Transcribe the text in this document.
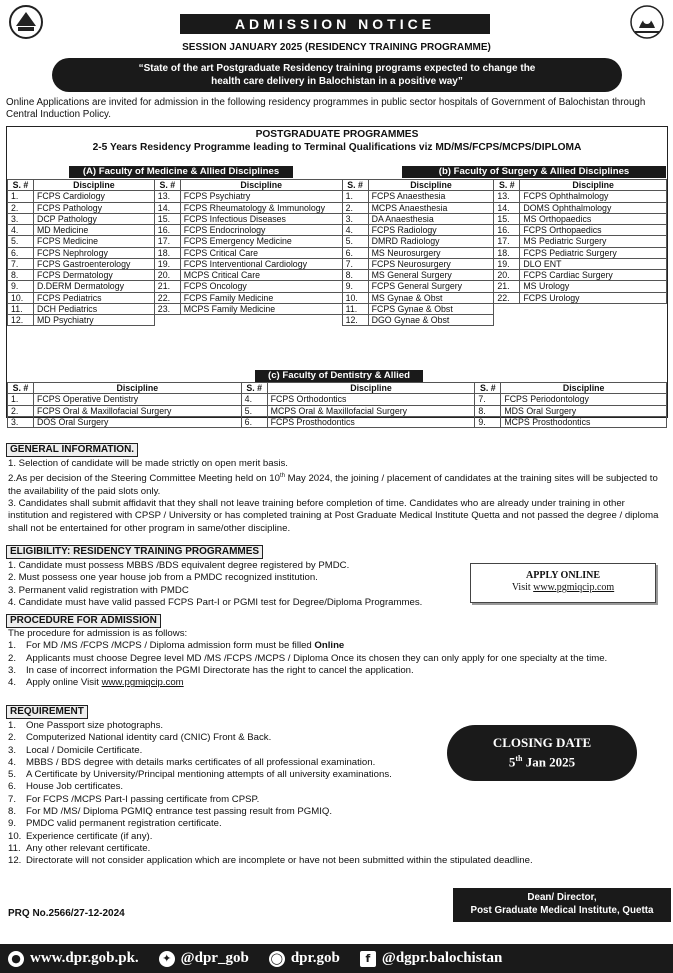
ADMISSION NOTICE
SESSION JANUARY 2025 (RESIDENCY TRAINING PROGRAMME)
“State of the art Postgraduate Residency training programs expected to change the
health care delivery in Balochistan in a positive way”
Online Applications are invited for admission in the following residency programmes in public sector hospitals of Government of Balochistan through Central Induction Policy.
POSTGRADUATE PROGRAMMES
2-5 Years Residency Programme leading to Terminal Qualifications viz MD/MS/FCPS/MCPS/DIPLOMA
(A) Faculty of Medicine & Allied Disciplines	(b) Faculty of Surgery & Allied Disciplines
S. #	Discipline	S. #	Discipline	S. #	Discipline	S. #	Discipline
1.	FCPS Cardiology	13.	FCPS Psychiatry	1.	FCPS Anaesthesia	13.	FCPS Ophthalmology
2.	FCPS Pathology	14.	FCPS Rheumatology & Immunology	2.	MCPS Anaesthesia	14.	DOMS Ophthalmology
3.	DCP Pathology	15.	FCPS Infectious Diseases	3.	DA Anaesthesia	15.	MS Orthopaedics
4.	MD Medicine	16.	FCPS Endocrinology	4.	FCPS Radiology	16.	FCPS Orthopaedics
5.	FCPS Medicine	17.	FCPS Emergency Medicine	5.	DMRD Radiology	17.	MS Pediatric Surgery
6.	FCPS Nephrology	18.	FCPS Critical Care	6.	MS Neurosurgery	18.	FCPS Pediatric Surgery
7.	FCPS Gastroenterology	19.	FCPS Interventional Cardiology	7.	FCPS Neurosurgery	19.	DLO ENT
8.	FCPS Dermatology	20.	MCPS Critical Care	8.	MS General Surgery	20.	FCPS Cardiac Surgery
9.	D.DERM Dermatology	21.	FCPS Oncology	9.	FCPS General Surgery	21.	MS Urology
10.	FCPS Pediatrics	22.	FCPS Family Medicine	10.	MS Gynae & Obst	22.	FCPS Urology
11.	DCH Pediatrics	23.	MCPS Family Medicine	11.	FCPS Gynae & Obst		
12.	MD Psychiatry			12.	DGO Gynae & Obst		
(c) Faculty of Dentistry & Allied
S. #	Discipline	S. #	Discipline	S. #	Discipline
1.	FCPS Operative Dentistry	4.	FCPS Orthodontics	7.	FCPS Periodontology
2.	FCPS Oral & Maxillofacial Surgery	5.	MCPS Oral & Maxillofacial Surgery	8.	MDS Oral Surgery
3.	DOS Oral Surgery	6.	FCPS Prosthodontics	9.	MCPS Prosthodontics
GENERAL INFORMATION.
1. Selection of candidate will be made strictly on open merit basis.
2.As per decision of the Steering Committee Meeting held on 10th May 2024, the joining / placement of candidates at the training sites will be subjected to the availability of the paid slots only.
3. Candidates shall submit affidavit that they shall not leave training before completion of time. Candidates who are already under training in other institution and registered with CPSP / University or has completed training at Post Graduate Medical Institute Quetta and not passed the degree / diploma shall not be entertained for other program in same/other discipline.
ELIGIBILITY: RESIDENCY TRAINING PROGRAMMES
1. Candidate must possess MBBS /BDS equivalent degree registered by PMDC.
2. Must possess one year house job from a PMDC recognized institution.
3. Permanent valid registration with PMDC
4. Candidate must have valid passed FCPS Part-I or PGMI test for Degree/Diploma Programmes.
APPLY ONLINE
Visit www.pgmiqcip.com
PROCEDURE FOR ADMISSION
The procedure for admission is as follows:
1.	For MD /MS /FCPS /MCPS / Diploma admission form must be filled Online
2.	Applicants must choose Degree level MD /MS /FCPS /MCPS / Diploma Once its chosen they can only apply for one specialty at the time.
3.	In case of incorrect information the PGMI Directorate has the right to cancel the application.
4.	Apply online Visit www.pgmiqcip.com
REQUIREMENT
1.	One Passport size photographs.
2.	Computerized National identity card (CNIC) Front & Back.
3.	Local / Domicile Certificate.
4.	MBBS / BDS degree with details marks certificates of all professional examination.
5.	A Certificate by University/Principal mentioning attempts of all university examinations.
6.	House Job certificates.
7.	For FCPS /MCPS Part-I passing certificate from CPSP.
8.	For MD /MS/ Diploma PGMIQ entrance test passing result from PGMIQ.
9.	PMDC valid permanent registration certificate.
10. Experience certificate (if any).
11. Any other relevant certificate.
12. Directorate will not consider application which are incomplete or have not been submitted within the stipulated deadline.
CLOSING DATE
5th Jan 2025
PRQ No.2566/27-12-2024
Dean/ Director,
Post Graduate Medical Institute, Quetta
● www.dpr.gob.pk.	✦ @dpr_gob ◯ dpr.gob	f @dgpr.balochistan
